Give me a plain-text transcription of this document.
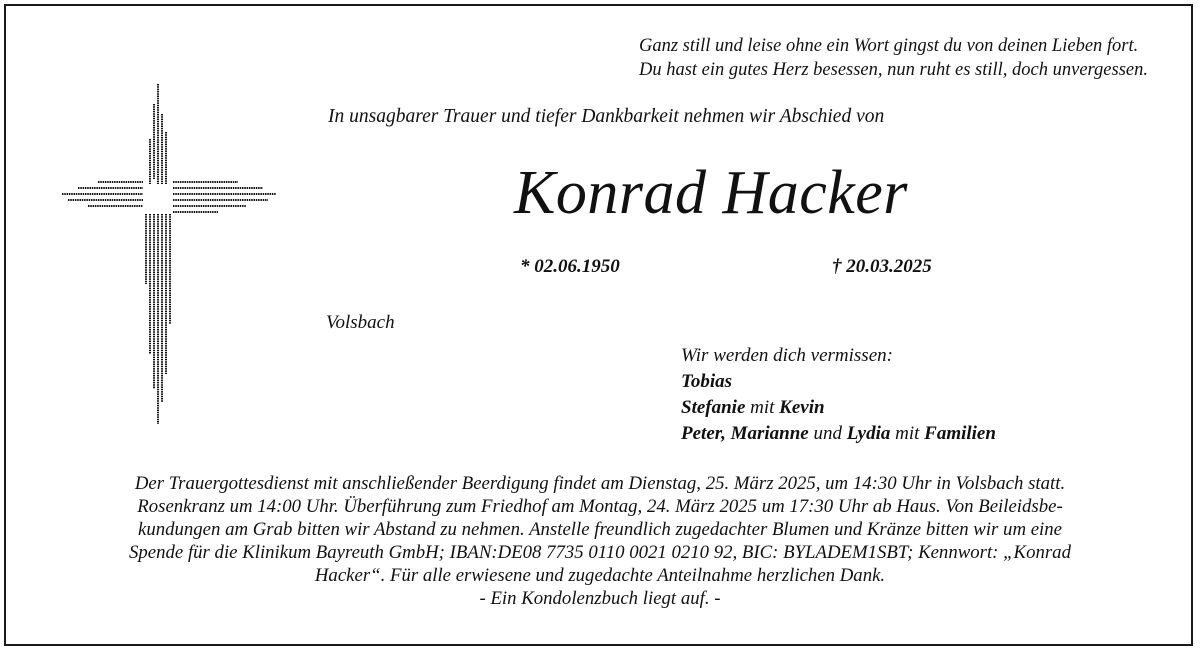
Ganz still und leise ohne ein Wort gingst du von deinen Lieben fort.
Du hast ein gutes Herz besessen, nun ruht es still, doch unvergessen.
In unsagbarer Trauer und tiefer Dankbarkeit nehmen wir Abschied von
Konrad Hacker
* 02.06.1950	† 20.03.2025
Volsbach
Wir werden dich vermissen:
Tobias
Stefanie mit Kevin
Peter, Marianne und Lydia mit Familien
Der Trauergottesdienst mit anschließender Beerdigung findet am Dienstag, 25. März 2025, um 14:30 Uhr in Volsbach statt.
Rosenkranz um 14:00 Uhr. Überführung zum Friedhof am Montag, 24. März 2025 um 17:30 Uhr ab Haus. Von Beileidsbe-
kundungen am Grab bitten wir Abstand zu nehmen. Anstelle freundlich zugedachter Blumen und Kränze bitten wir um eine
Spende für die Klinikum Bayreuth GmbH; IBAN:DE08 7735 0110 0021 0210 92, BIC: BYLADEM1SBT; Kennwort: „Konrad
Hacker“. Für alle erwiesene und zugedachte Anteilnahme herzlichen Dank.
- Ein Kondolenzbuch liegt auf. -
